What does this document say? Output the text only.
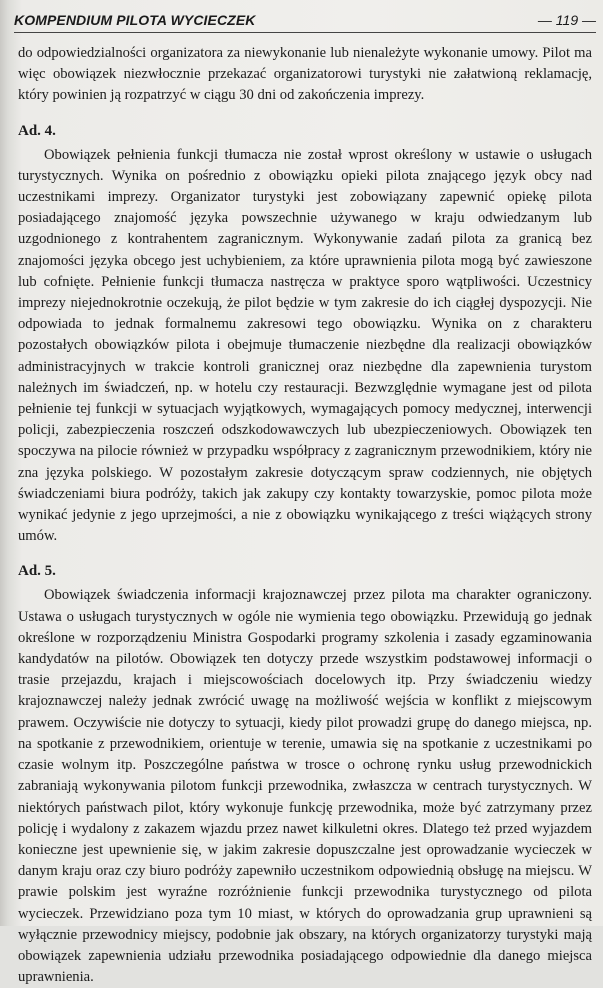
KOMPENDIUM PILOTA WYCIECZEK	— 119 —

do odpowiedzialności organizatora za niewykonanie lub nienależyte wykonanie umowy. Pilot ma więc obowiązek niezwłocznie przekazać organizatorowi turystyki nie załatwioną reklamację, który powinien ją rozpatrzyć w ciągu 30 dni od zakończenia imprezy.

Ad. 4.

Obowiązek pełnienia funkcji tłumacza nie został wprost określony w ustawie o usługach turystycznych. Wynika on pośrednio z obowiązku opieki pilota znającego język obcy nad uczestnikami imprezy. Organizator turystyki jest zobowiązany zapewnić opiekę pilota posiadającego znajomość języka powszechnie używanego w kraju odwiedzanym lub uzgodnionego z kontrahentem zagranicznym. Wykonywanie zadań pilota za granicą bez znajomości języka obcego jest uchybieniem, za które uprawnienia pilota mogą być zawieszone lub cofnięte. Pełnienie funkcji tłumacza nastręcza w praktyce sporo wątpliwości. Uczestnicy imprezy niejednokrotnie oczekują, że pilot będzie w tym zakresie do ich ciągłej dyspozycji. Nie odpowiada to jednak formalnemu zakresowi tego obowiązku. Wynika on z charakteru pozostałych obowiązków pilota i obejmuje tłumaczenie niezbędne dla realizacji obowiązków administracyjnych w trakcie kontroli granicznej oraz niezbędne dla zapewnienia turystom należnych im świadczeń, np. w hotelu czy restauracji. Bezwzględnie wymagane jest od pilota pełnienie tej funkcji w sytuacjach wyjątkowych, wymagających pomocy medycznej, interwencji policji, zabezpieczenia roszczeń odszkodowawczych lub ubezpieczeniowych. Obowiązek ten spoczywa na pilocie również w przypadku współpracy z zagranicznym przewodnikiem, który nie zna języka polskiego. W pozostałym zakresie dotyczącym spraw codziennych, nie objętych świadczeniami biura podróży, takich jak zakupy czy kontakty towarzyskie, pomoc pilota może wynikać jedynie z jego uprzejmości, a nie z obowiązku wynikającego z treści wiążących strony umów.

Ad. 5.

Obowiązek świadczenia informacji krajoznawczej przez pilota ma charakter ograniczony. Ustawa o usługach turystycznych w ogóle nie wymienia tego obowiązku. Przewidują go jednak określone w rozporządzeniu Ministra Gospodarki programy szkolenia i zasady egzaminowania kandydatów na pilotów. Obowiązek ten dotyczy przede wszystkim podstawowej informacji o trasie przejazdu, krajach i miejscowościach docelowych itp. Przy świadczeniu wiedzy krajoznawczej należy jednak zwrócić uwagę na możliwość wejścia w konflikt z miejscowym prawem. Oczywiście nie dotyczy to sytuacji, kiedy pilot prowadzi grupę do danego miejsca, np. na spotkanie z przewodnikiem, orientuje w terenie, umawia się na spotkanie z uczestnikami po czasie wolnym itp. Poszczególne państwa w trosce o ochronę rynku usług przewodnickich zabraniają wykonywania pilotom funkcji przewodnika, zwłaszcza w centrach turystycznych. W niektórych państwach pilot, który wykonuje funkcję przewodnika, może być zatrzymany przez policję i wydalony z zakazem wjazdu przez nawet kilkuletni okres. Dlatego też przed wyjazdem konieczne jest upewnienie się, w jakim zakresie dopuszczalne jest oprowadzanie wycieczek w danym kraju oraz czy biuro podróży zapewniło uczestnikom odpowiednią obsługę na miejscu. W prawie polskim jest wyraźne rozróżnienie funkcji przewodnika turystycznego od pilota wycieczek. Przewidziano poza tym 10 miast, w których do oprowadzania grup uprawnieni są wyłącznie przewodnicy miejscy, podobnie jak obszary, na których organizatorzy turystyki mają obowiązek zapewnienia udziału przewodnika posiadającego odpowiednie dla danego miejsca uprawnienia.
